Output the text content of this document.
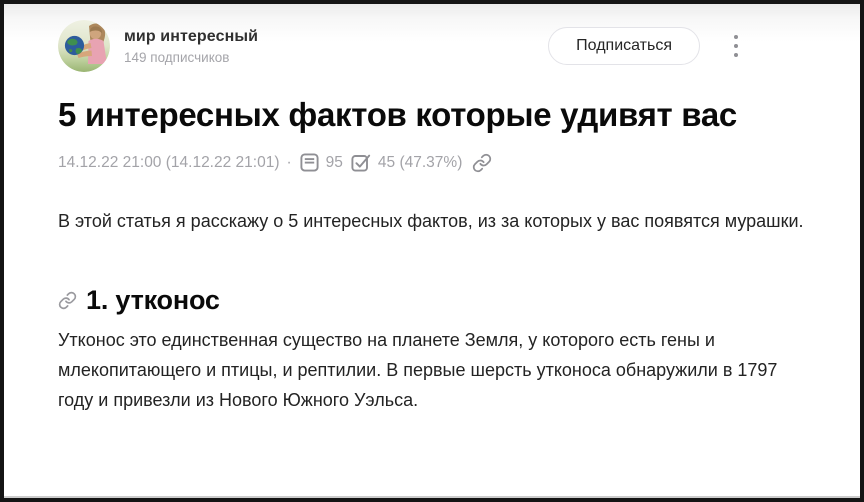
мир интересный
149 подписчиков
Подписаться
5 интересных фактов которые удивят вас
14.12.22 21:00 (14.12.22 21:01) · 95 45 (47.37%)

В этой статья я расскажу о 5 интересных фактов, из за которых у вас появятся мурашки.

1. утконос

Утконос это единственная существо на планете Земля, у которого есть гены и млекопитающего и птицы, и рептилии. В первые шерсть утконоса обнаружили в 1797 году и привезли из Нового Южного Уэльса.
